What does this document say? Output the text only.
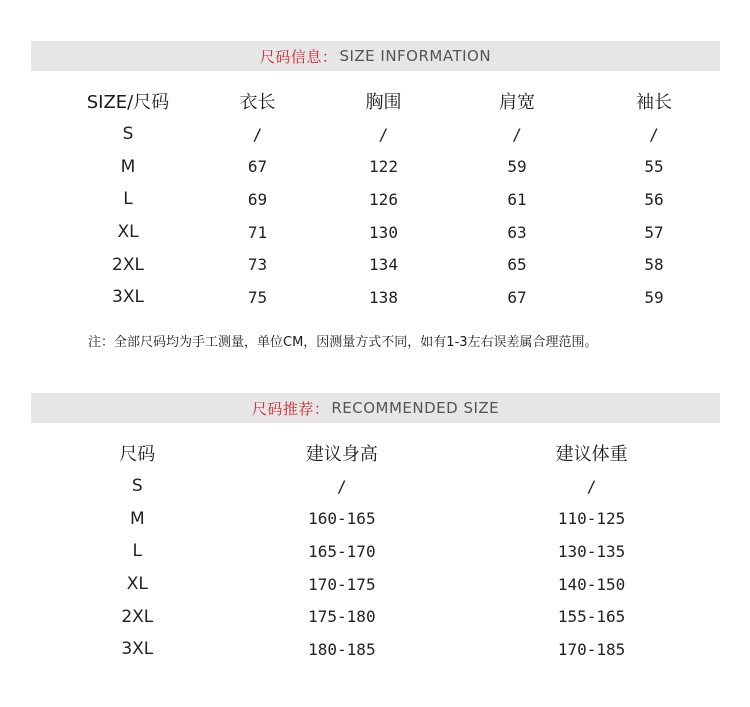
尺码信息： SIZE INFORMATION
SIZE/尺码	衣长	胸围	肩宽	袖长
S	/	/	/	/
M	67	122	59	55
L	69	126	61	56
XL	71	130	63	57
2XL	73	134	65	58
3XL	75	138	67	59
注：全部尺码均为手工测量，单位CM，因测量方式不同，如有1-3左右误差属合理范围。
尺码推荐： RECOMMENDED SIZE
尺码	建议身高	建议体重
S	/	/
M	160-165	110-125
L	165-170	130-135
XL	170-175	140-150
2XL	175-180	155-165
3XL	180-185	170-185
